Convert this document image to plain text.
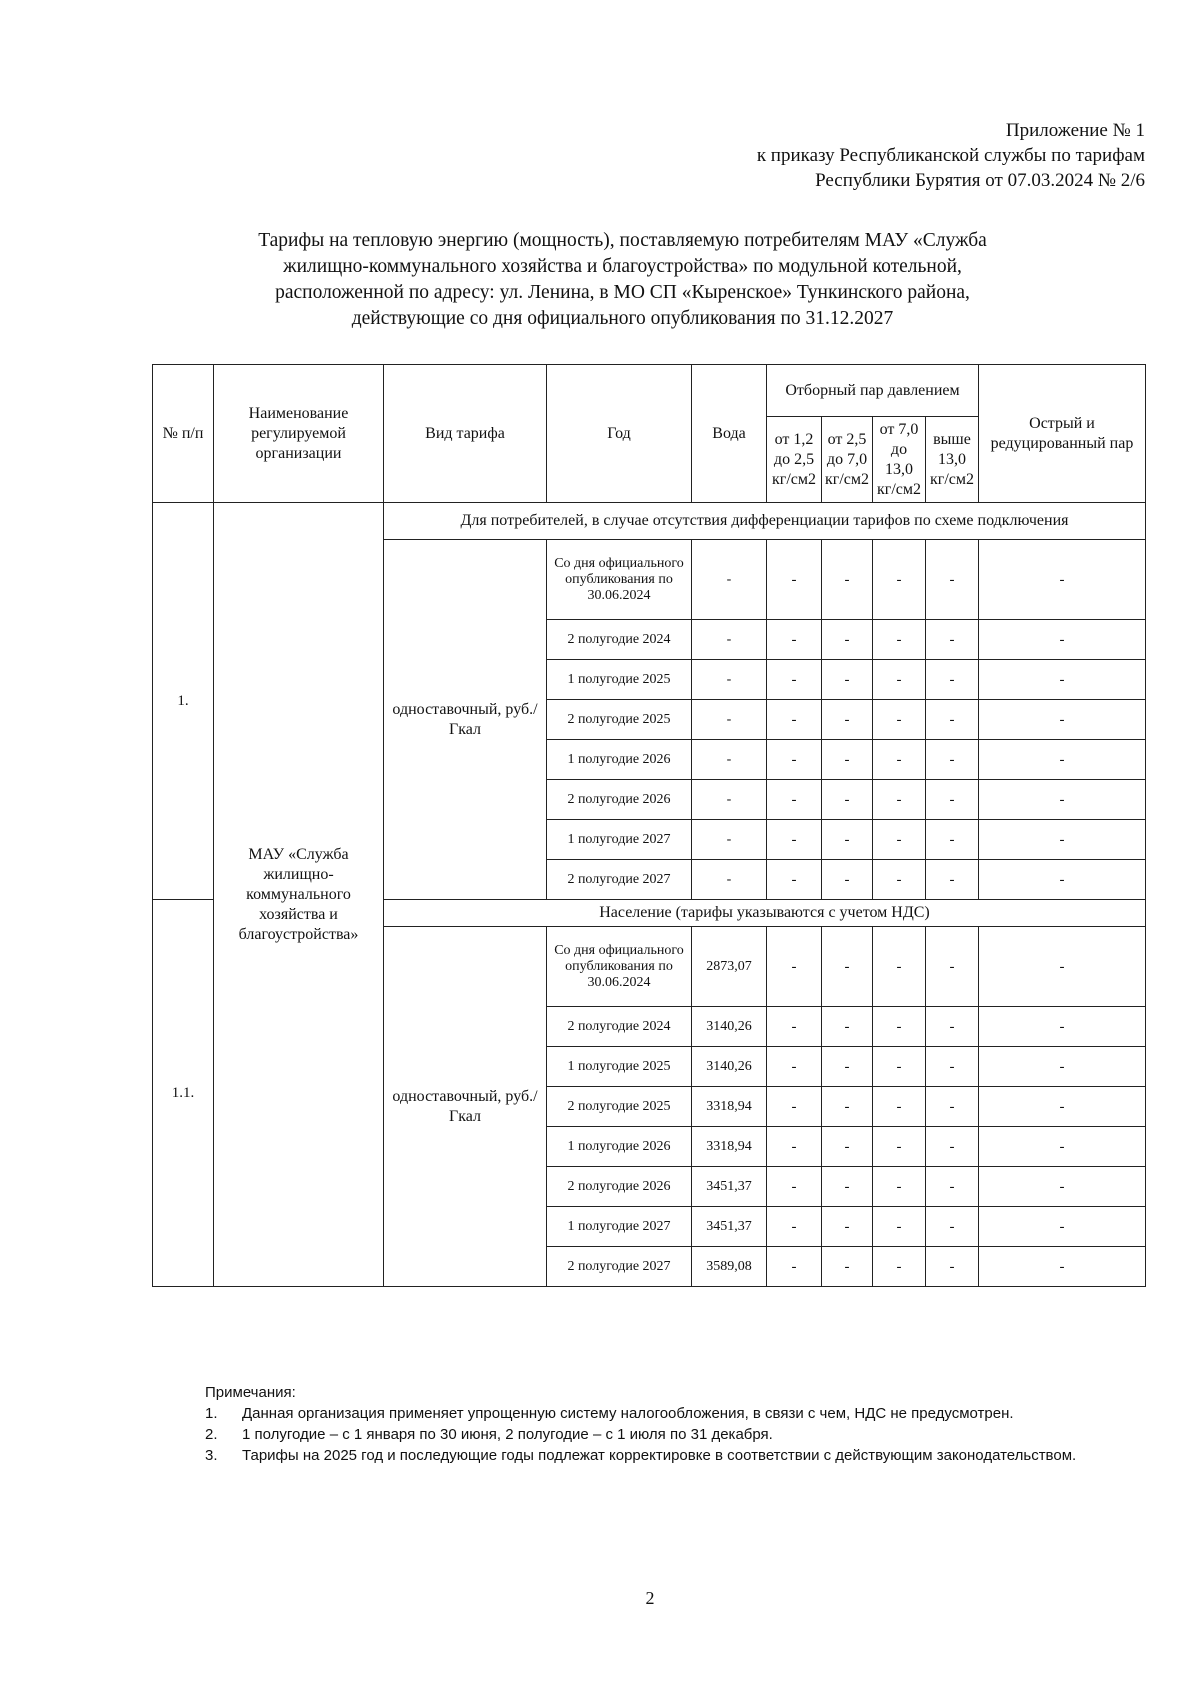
Приложение № 1
к приказу Республиканской службы по тарифам
Республики Бурятия от 07.03.2024 № 2/6
Тарифы на тепловую энергию (мощность), поставляемую потребителям МАУ «Служба
жилищно-коммунального хозяйства и благоустройства» по модульной котельной,
расположенной по адресу: ул. Ленина, в МО СП «Кыренское» Тункинского района,
действующие со дня официального опубликования по 31.12.2027
№ п/п	Наименование регулируемой организации	Вид тарифа	Год	Вода	Отборный пар давлением				Острый и редуцированный пар
					от 1,2 до 2,5 кг/см2	от 2,5 до 7,0 кг/см2	от 7,0 до 13,0 кг/см2	выше 13,0 кг/см2	
1.	МАУ «Служба жилищно-коммунального хозяйства и благоустройства»	Для потребителей, в случае отсутствия дифференциации тарифов по схеме подключения							
		одноставочный, руб./Гкал	Со дня официального опубликования по 30.06.2024	-	-	-	-	-	-
			2 полугодие 2024	-	-	-	-	-	-
			1 полугодие 2025	-	-	-	-	-	-
			2 полугодие 2025	-	-	-	-	-	-
			1 полугодие 2026	-	-	-	-	-	-
			2 полугодие 2026	-	-	-	-	-	-
			1 полугодие 2027	-	-	-	-	-	-
			2 полугодие 2027	-	-	-	-	-	-
1.1.		Население (тарифы указываются с учетом НДС)							
		одноставочный, руб./Гкал	Со дня официального опубликования по 30.06.2024	2873,07	-	-	-	-	-
			2 полугодие 2024	3140,26	-	-	-	-	-
			1 полугодие 2025	3140,26	-	-	-	-	-
			2 полугодие 2025	3318,94	-	-	-	-	-
			1 полугодие 2026	3318,94	-	-	-	-	-
			2 полугодие 2026	3451,37	-	-	-	-	-
			1 полугодие 2027	3451,37	-	-	-	-	-
			2 полугодие 2027	3589,08	-	-	-	-	-
Примечания:
1.	Данная организация применяет упрощенную систему налогообложения, в связи с чем, НДС не предусмотрен.
2.	1 полугодие – с 1 января по 30 июня, 2 полугодие – с 1 июля по 31 декабря.
3.	Тарифы на 2025 год и последующие годы подлежат корректировке в соответствии с действующим законодательством.
2
